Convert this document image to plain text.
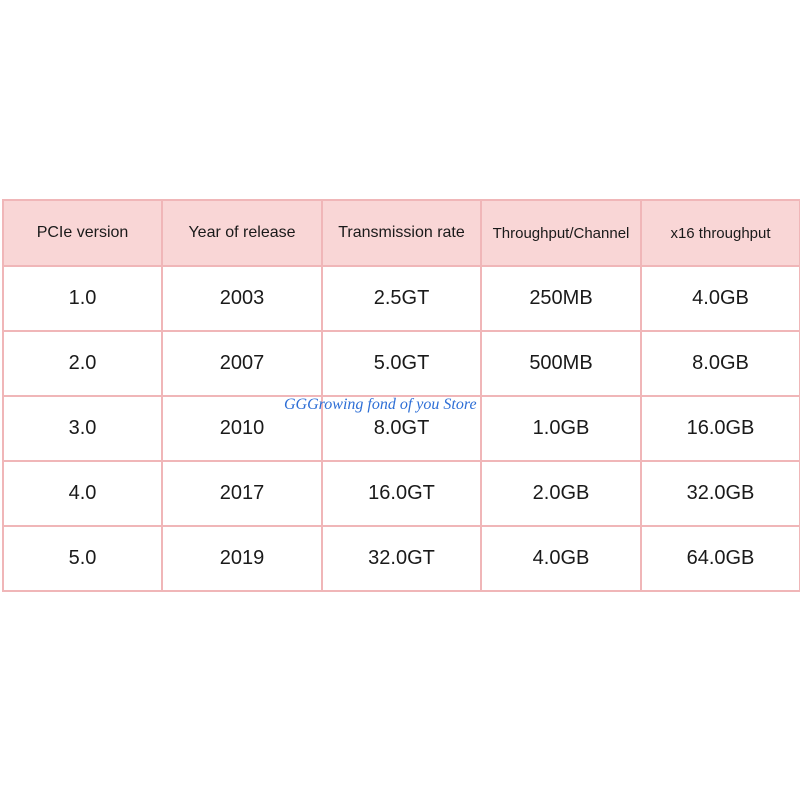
PCIe version	Year of release	Transmission rate	Throughput/Channel	x16 throughput
1.0	2003	2.5GT	250MB	4.0GB
2.0	2007	5.0GT	500MB	8.0GB
3.0	2010	8.0GT	1.0GB	16.0GB
4.0	2017	16.0GT	2.0GB	32.0GB
5.0	2019	32.0GT	4.0GB	64.0GB
GGGrowing fond of you Store
